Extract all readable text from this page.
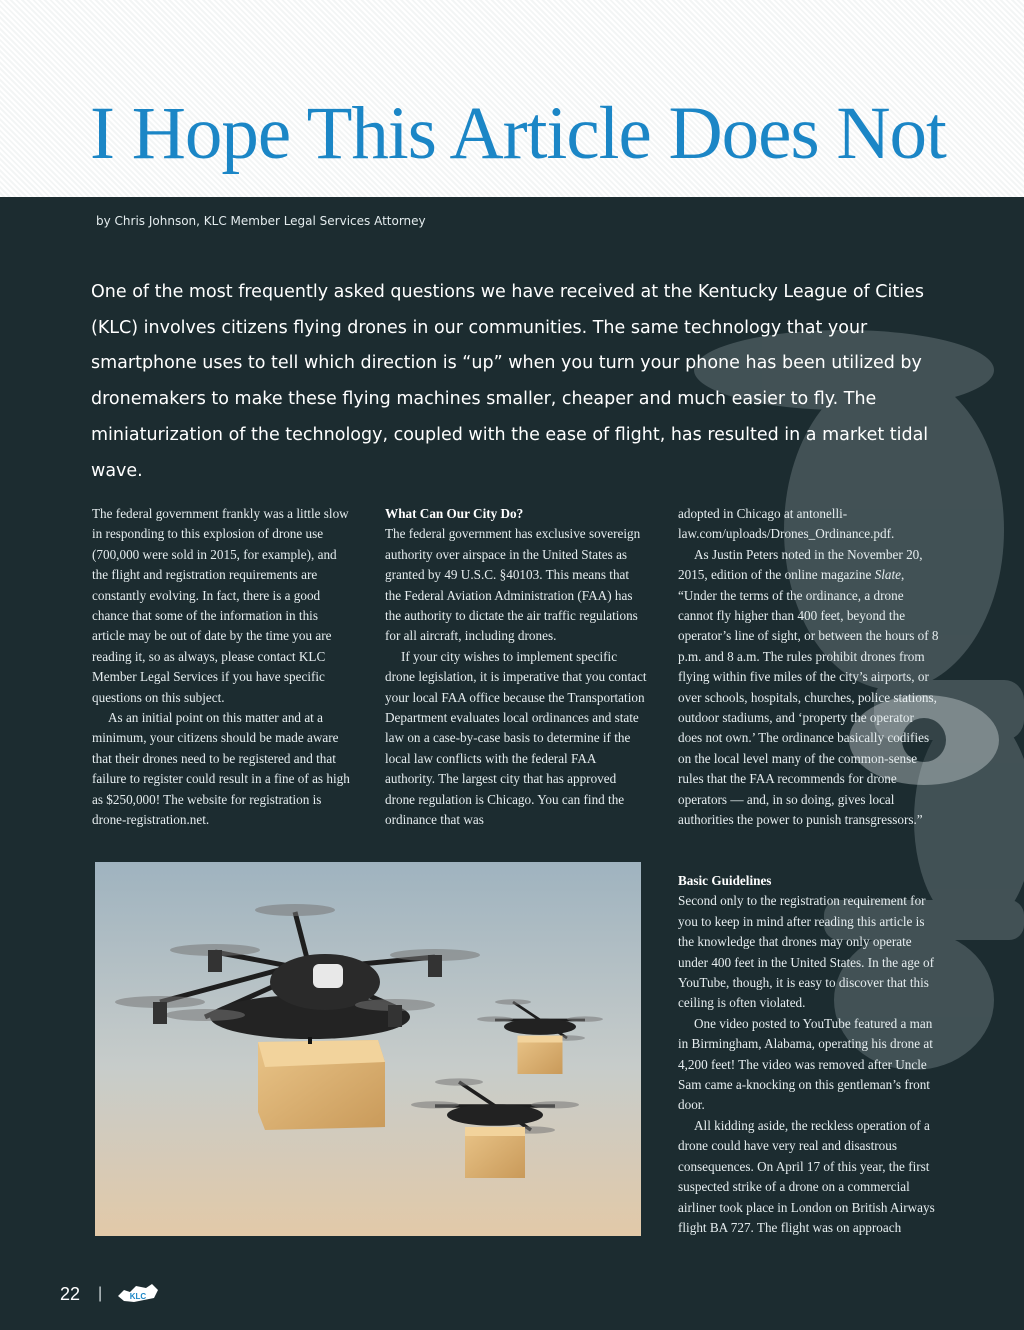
I Hope This Article Does Not
by Chris Johnson, KLC Member Legal Services Attorney

One of the most frequently asked questions we have received at the Kentucky League of Cities (KLC) involves citizens flying drones in our communities. The same technology that your smartphone uses to tell which direction is “up” when you turn your phone has been utilized by dronemakers to make these flying machines smaller, cheaper and much easier to fly. The miniaturization of the technology, coupled with the ease of flight, has resulted in a market tidal wave.

The federal government frankly was a little slow in responding to this explosion of drone use (700,000 were sold in 2015, for example), and the flight and registration requirements are constantly evolving. In fact, there is a good chance that some of the information in this article may be out of date by the time you are reading it, so as always, please contact KLC Member Legal Services if you have specific questions on this subject.

As an initial point on this matter and at a minimum, your citizens should be made aware that their drones need to be registered and that failure to register could result in a fine of as high as $250,000! The website for registration is drone-registration.net.

What Can Our City Do?

The federal government has exclusive sovereign authority over airspace in the United States as granted by 49 U.S.C. §40103. This means that the Federal Aviation Administration (FAA) has the authority to dictate the air traffic regulations for all aircraft, including drones.

If your city wishes to implement specific drone legislation, it is imperative that you contact your local FAA office because the Transportation Department evaluates local ordinances and state law on a case-by-case basis to determine if the local law conflicts with the federal FAA authority. The largest city that has approved drone regulation is Chicago. You can find the ordinance that was

adopted in Chicago at antonelli-law.com/uploads/Drones_Ordinance.pdf.

As Justin Peters noted in the November 20, 2015, edition of the online magazine Slate, “Under the terms of the ordinance, a drone cannot fly higher than 400 feet, beyond the operator’s line of sight, or between the hours of 8 p.m. and 8 a.m. The rules prohibit drones from flying within five miles of the city’s airports, or over schools, hospitals, churches, police stations, outdoor stadiums, and ‘property the operator does not own.’ The ordinance basically codifies on the local level many of the common-sense rules that the FAA recommends for drone operators — and, in so doing, gives local authorities the power to punish transgressors.”

Basic Guidelines

Second only to the registration requirement for you to keep in mind after reading this article is the knowledge that drones may only operate under 400 feet in the United States. In the age of YouTube, though, it is easy to discover that this ceiling is often violated.

One video posted to YouTube featured a man in Birmingham, Alabama, operating his drone at 4,200 feet! The video was removed after Uncle Sam came a-knocking on this gentleman’s front door.

All kidding aside, the reckless operation of a drone could have very real and disastrous consequences. On April 17 of this year, the first suspected strike of a drone on a commercial airliner took place in London on British Airways flight BA 727. The flight was on approach

22 |	KLC
